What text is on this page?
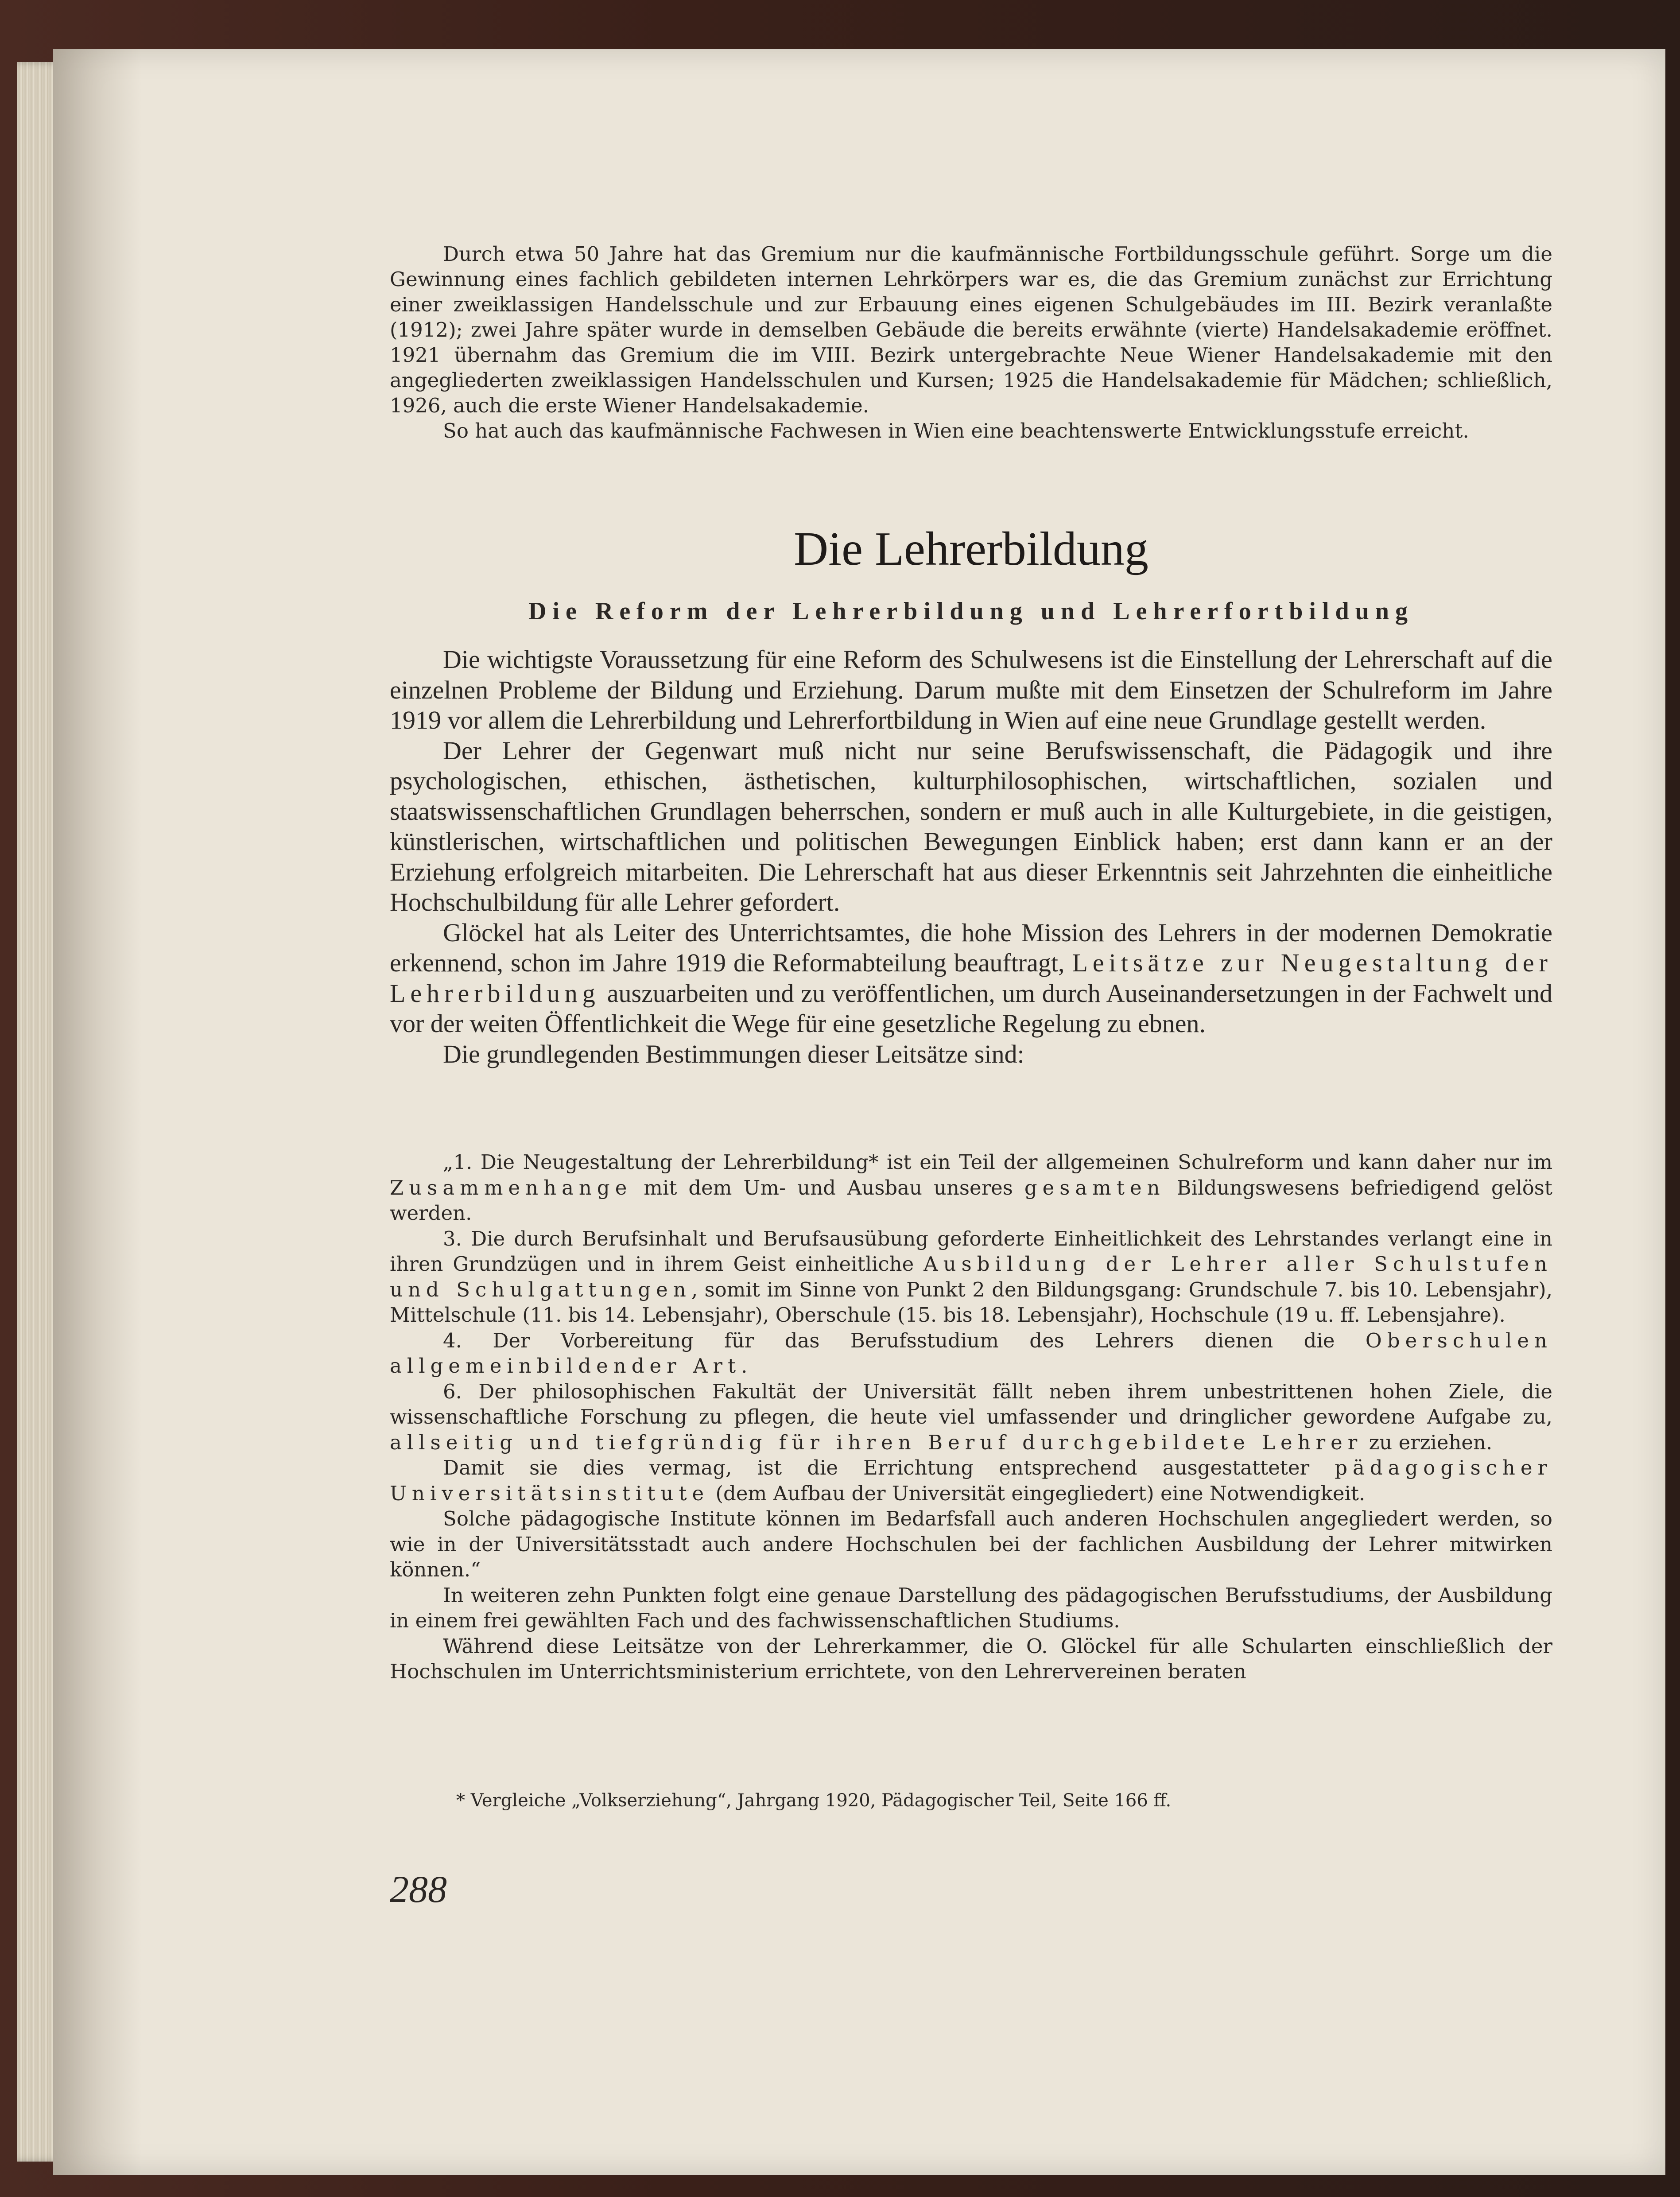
Durch etwa 50 Jahre hat das Gremium nur die kaufmännische Fortbildungsschule geführt. Sorge um die Gewinnung eines fachlich gebildeten internen Lehrkörpers war es, die das Gremium zunächst zur Errichtung einer zweiklassigen Handelsschule und zur Erbauung eines eigenen Schulgebäudes im III. Bezirk veranlaßte (1912); zwei Jahre später wurde in demselben Gebäude die bereits erwähnte (vierte) Handelsakademie eröffnet. 1921 übernahm das Gremium die im VIII. Bezirk untergebrachte Neue Wiener Handelsakademie mit den angegliederten zweiklassigen Handelsschulen und Kursen; 1925 die Handelsakademie für Mädchen; schließlich, 1926, auch die erste Wiener Handelsakademie.

So hat auch das kaufmännische Fachwesen in Wien eine beachtenswerte Entwicklungsstufe erreicht.

Die Lehrerbildung
Die Reform der Lehrerbildung und Lehrerfortbildung

Die wichtigste Voraussetzung für eine Reform des Schulwesens ist die Einstellung der Lehrerschaft auf die einzelnen Probleme der Bildung und Erziehung. Darum mußte mit dem Einsetzen der Schulreform im Jahre 1919 vor allem die Lehrerbildung und Lehrerfortbildung in Wien auf eine neue Grundlage gestellt werden.

Der Lehrer der Gegenwart muß nicht nur seine Berufswissenschaft, die Pädagogik und ihre psychologischen, ethischen, ästhetischen, kulturphilosophischen, wirtschaftlichen, sozialen und staatswissenschaftlichen Grundlagen beherrschen, sondern er muß auch in alle Kulturgebiete, in die geistigen, künstlerischen, wirtschaftlichen und politischen Bewegungen Einblick haben; erst dann kann er an der Erziehung erfolgreich mitarbeiten. Die Lehrerschaft hat aus dieser Erkenntnis seit Jahrzehnten die einheitliche Hochschulbildung für alle Lehrer gefordert.

Glöckel hat als Leiter des Unterrichtsamtes, die hohe Mission des Lehrers in der modernen Demokratie erkennend, schon im Jahre 1919 die Reformabteilung beauftragt, Leitsätze zur Neugestaltung der Lehrerbildung auszuarbeiten und zu veröffentlichen, um durch Auseinandersetzungen in der Fachwelt und vor der weiten Öffentlichkeit die Wege für eine gesetzliche Regelung zu ebnen.

Die grundlegenden Bestimmungen dieser Leitsätze sind:

„1. Die Neugestaltung der Lehrerbildung* ist ein Teil der allgemeinen Schulreform und kann daher nur im Zusammenhange mit dem Um- und Ausbau unseres gesamten Bildungswesens befriedigend gelöst werden.

3. Die durch Berufsinhalt und Berufsausübung geforderte Einheitlichkeit des Lehrstandes verlangt eine in ihren Grundzügen und in ihrem Geist einheitliche Ausbildung der Lehrer aller Schulstufen und Schulgattungen, somit im Sinne von Punkt 2 den Bildungsgang: Grundschule 7. bis 10. Lebensjahr), Mittelschule (11. bis 14. Lebensjahr), Oberschule (15. bis 18. Lebensjahr), Hochschule (19 u. ff. Lebensjahre).

4. Der Vorbereitung für das Berufsstudium des Lehrers dienen die Oberschulen allgemeinbildender Art.

6. Der philosophischen Fakultät der Universität fällt neben ihrem unbestrittenen hohen Ziele, die wissenschaftliche Forschung zu pflegen, die heute viel umfassender und dringlicher gewordene Aufgabe zu, allseitig und tiefgründig für ihren Beruf durchgebildete Lehrer zu erziehen.

Damit sie dies vermag, ist die Errichtung entsprechend ausgestatteter pädagogischer Universitätsinstitute (dem Aufbau der Universität eingegliedert) eine Notwendigkeit.

Solche pädagogische Institute können im Bedarfsfall auch anderen Hochschulen angegliedert werden, so wie in der Universitätsstadt auch andere Hochschulen bei der fachlichen Ausbildung der Lehrer mitwirken können.“

In weiteren zehn Punkten folgt eine genaue Darstellung des pädagogischen Berufsstudiums, der Ausbildung in einem frei gewählten Fach und des fachwissenschaftlichen Studiums.

Während diese Leitsätze von der Lehrerkammer, die O. Glöckel für alle Schularten einschließlich der Hochschulen im Unterrichtsministerium errichtete, von den Lehrervereinen beraten

* Vergleiche „Volkserziehung“, Jahrgang 1920, Pädagogischer Teil, Seite 166 ff.
288
